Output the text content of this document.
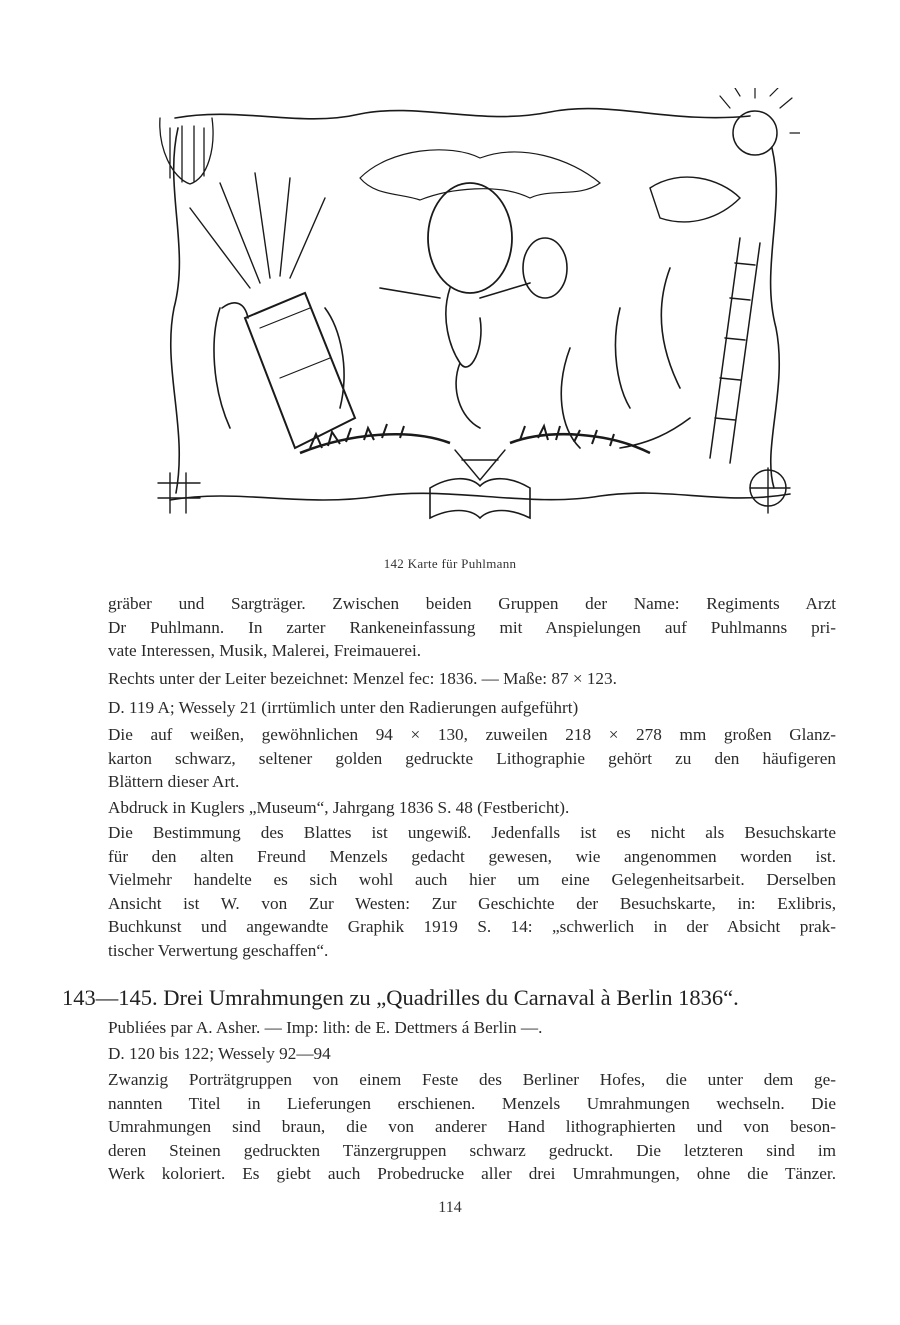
142 Karte für Puhlmann
gräber und Sargträger. Zwischen beiden Gruppen der Name: Regiments Arzt
Dr Puhlmann. In zarter Rankeneinfassung mit Anspielungen auf Puhlmanns pri-
vate Interessen, Musik, Malerei, Freimauerei.

Rechts unter der Leiter bezeichnet: Menzel fec: 1836. — Maße: 87 × 123.

D. 119 A; Wessely 21 (irrtümlich unter den Radierungen aufgeführt)

Die auf weißen, gewöhnlichen 94 × 130, zuweilen 218 × 278 mm großen Glanz-
karton schwarz, seltener golden gedruckte Lithographie gehört zu den häufigeren
Blättern dieser Art.

Abdruck in Kuglers „Museum“, Jahrgang 1836 S. 48 (Festbericht).

Die Bestimmung des Blattes ist ungewiß. Jedenfalls ist es nicht als Besuchskarte
für den alten Freund Menzels gedacht gewesen, wie angenommen worden ist.
Vielmehr handelte es sich wohl auch hier um eine Gelegenheitsarbeit. Derselben
Ansicht ist W. von Zur Westen: Zur Geschichte der Besuchskarte, in: Exlibris,
Buchkunst und angewandte Graphik 1919 S. 14: „schwerlich in der Absicht prak-
tischer Verwertung geschaffen“.
143—145. Drei Umrahmungen zu „Quadrilles du Carnaval à Berlin 1836“.

Publiées par A. Asher. — Imp: lith: de E. Dettmers á Berlin —.

D. 120 bis 122; Wessely 92—94

Zwanzig Porträtgruppen von einem Feste des Berliner Hofes, die unter dem ge-
nannten Titel in Lieferungen erschienen. Menzels Umrahmungen wechseln. Die
Umrahmungen sind braun, die von anderer Hand lithographierten und von beson-
deren Steinen gedruckten Tänzergruppen schwarz gedruckt. Die letzteren sind im
Werk koloriert. Es giebt auch Probedrucke aller drei Umrahmungen, ohne die Tänzer.
114
